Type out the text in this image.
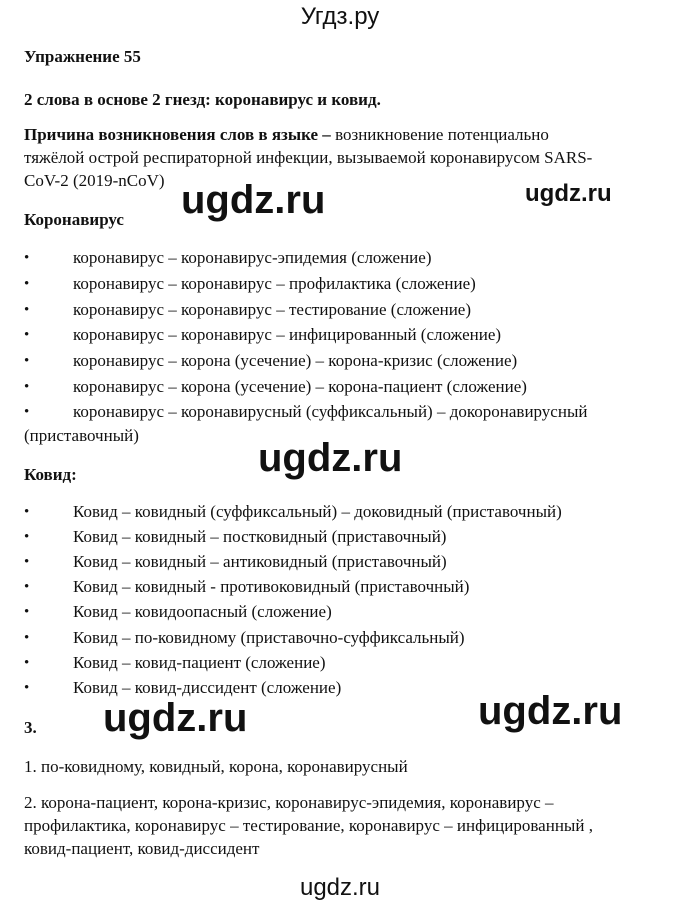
Угдз.ру
Упражнение 55
2 слова в основе 2 гнезд: коронавирус и ковид.
Причина возникновения слов в языке – возникновение потенциально
тяжёлой острой респираторной инфекции, вызываемой коронавирусом SARS-
CoV-2 (2019-nCoV)
Коронавирус
•	коронавирус – коронавирус-эпидемия (сложение)
•	коронавирус – коронавирус – профилактика (сложение)
•	коронавирус – коронавирус – тестирование (сложение)
•	коронавирус – коронавирус – инфицированный (сложение)
•	коронавирус – корона (усечение) – корона-кризис (сложение)
•	коронавирус – корона (усечение) – корона-пациент (сложение)
•	коронавирус – коронавирусный (суффиксальный) – докоронавирусный
(приставочный)
Ковид:
•	Ковид – ковидный (суффиксальный) – доковидный (приставочный)
•	Ковид – ковидный – постковидный (приставочный)
•	Ковид – ковидный – антиковидный (приставочный)
•	Ковид – ковидный - противоковидный (приставочный)
•	Ковид – ковидоопасный (сложение)
•	Ковид – по-ковидному (приставочно-суффиксальный)
•	Ковид – ковид-пациент (сложение)
•	Ковид – ковид-диссидент (сложение)
3.
1. по-ковидному, ковидный, корона, коронавирусный
2. корона-пациент, корона-кризис, коронавирус-эпидемия, коронавирус –
профилактика, коронавирус – тестирование, коронавирус – инфицированный ,
ковид-пациент, ковид-диссидент
ugdz.ru	ugdz.ru
ugdz.ru
ugdz.ru	ugdz.ru
ugdz.ru
